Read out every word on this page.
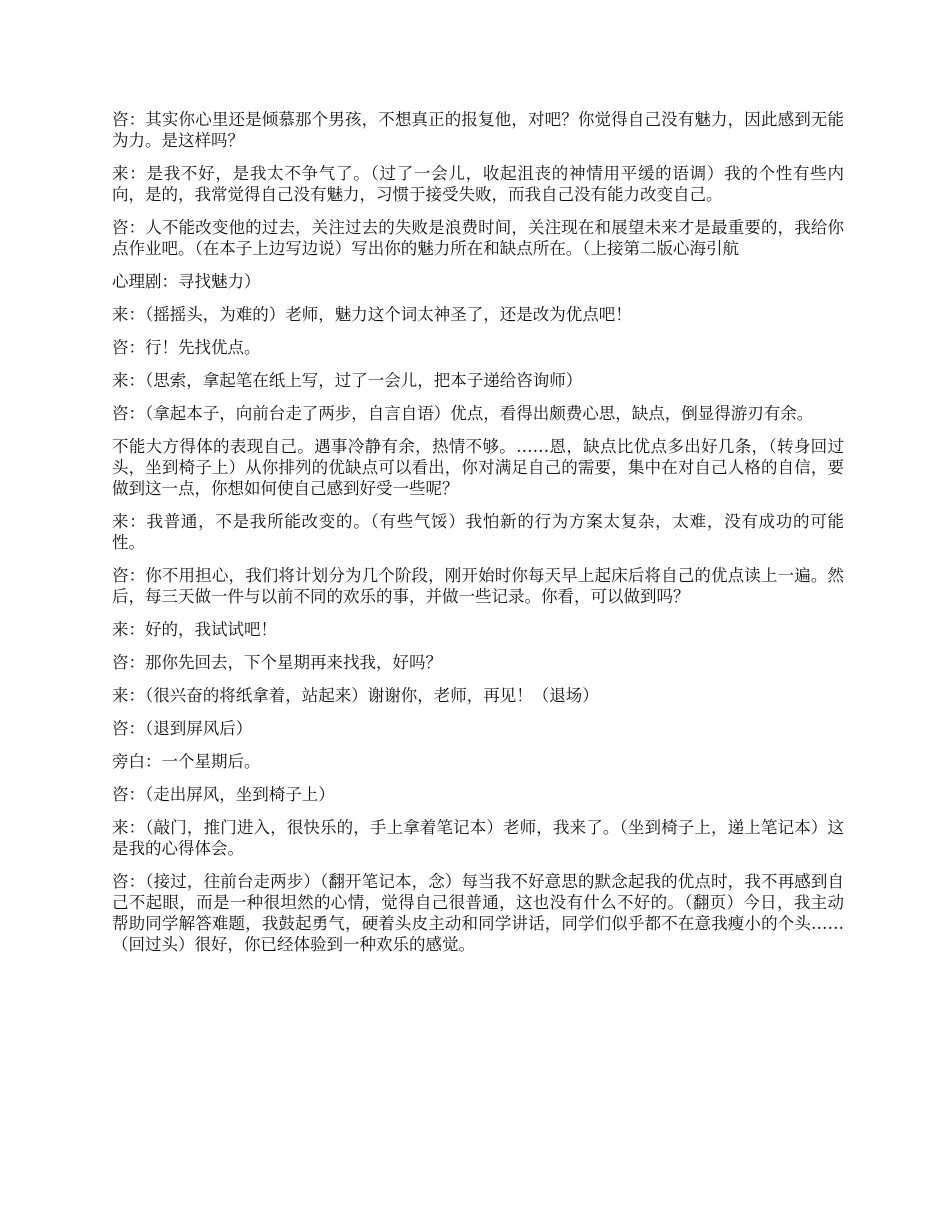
咨：其实你心里还是倾慕那个男孩，不想真正的报复他，对吧？你觉得自己没有魅力，因此感到无能为力。是这样吗？

来：是我不好，是我太不争气了。（过了一会儿，收起沮丧的神情用平缓的语调）我的个性有些内向，是的，我常觉得自己没有魅力，习惯于接受失败，而我自己没有能力改变自己。

咨：人不能改变他的过去，关注过去的失败是浪费时间，关注现在和展望未来才是最重要的，我给你点作业吧。（在本子上边写边说）写出你的魅力所在和缺点所在。（上接第二版心海引航

心理剧：寻找魅力）

来：（摇摇头，为难的）老师，魅力这个词太神圣了，还是改为优点吧！

咨：行！先找优点。

来：（思索，拿起笔在纸上写，过了一会儿，把本子递给咨询师）

咨：（拿起本子，向前台走了两步，自言自语）优点，看得出颇费心思，缺点，倒显得游刃有余。

不能大方得体的表现自己。遇事冷静有余，热情不够。……恩，缺点比优点多出好几条，（转身回过头，坐到椅子上）从你排列的优缺点可以看出，你对满足自己的需要，集中在对自己人格的自信，要做到这一点，你想如何使自己感到好受一些呢？

来：我普通，不是我所能改变的。（有些气馁）我怕新的行为方案太复杂，太难，没有成功的可能性。

咨：你不用担心，我们将计划分为几个阶段，刚开始时你每天早上起床后将自己的优点读上一遍。然后，每三天做一件与以前不同的欢乐的事，并做一些记录。你看，可以做到吗？

来：好的，我试试吧！

咨：那你先回去，下个星期再来找我，好吗？

来：（很兴奋的将纸拿着，站起来）谢谢你，老师，再见！（退场）

咨：（退到屏风后）

旁白：一个星期后。

咨：（走出屏风，坐到椅子上）

来：（敲门，推门进入，很快乐的，手上拿着笔记本）老师，我来了。（坐到椅子上，递上笔记本）这是我的心得体会。

咨：（接过，往前台走两步）（翻开笔记本，念）每当我不好意思的默念起我的优点时，我不再感到自己不起眼，而是一种很坦然的心情，觉得自己很普通，这也没有什么不好的。（翻页）今日，我主动帮助同学解答难题，我鼓起勇气，硬着头皮主动和同学讲话，同学们似乎都不在意我瘦小的个头……（回过头）很好，你已经体验到一种欢乐的感觉。
